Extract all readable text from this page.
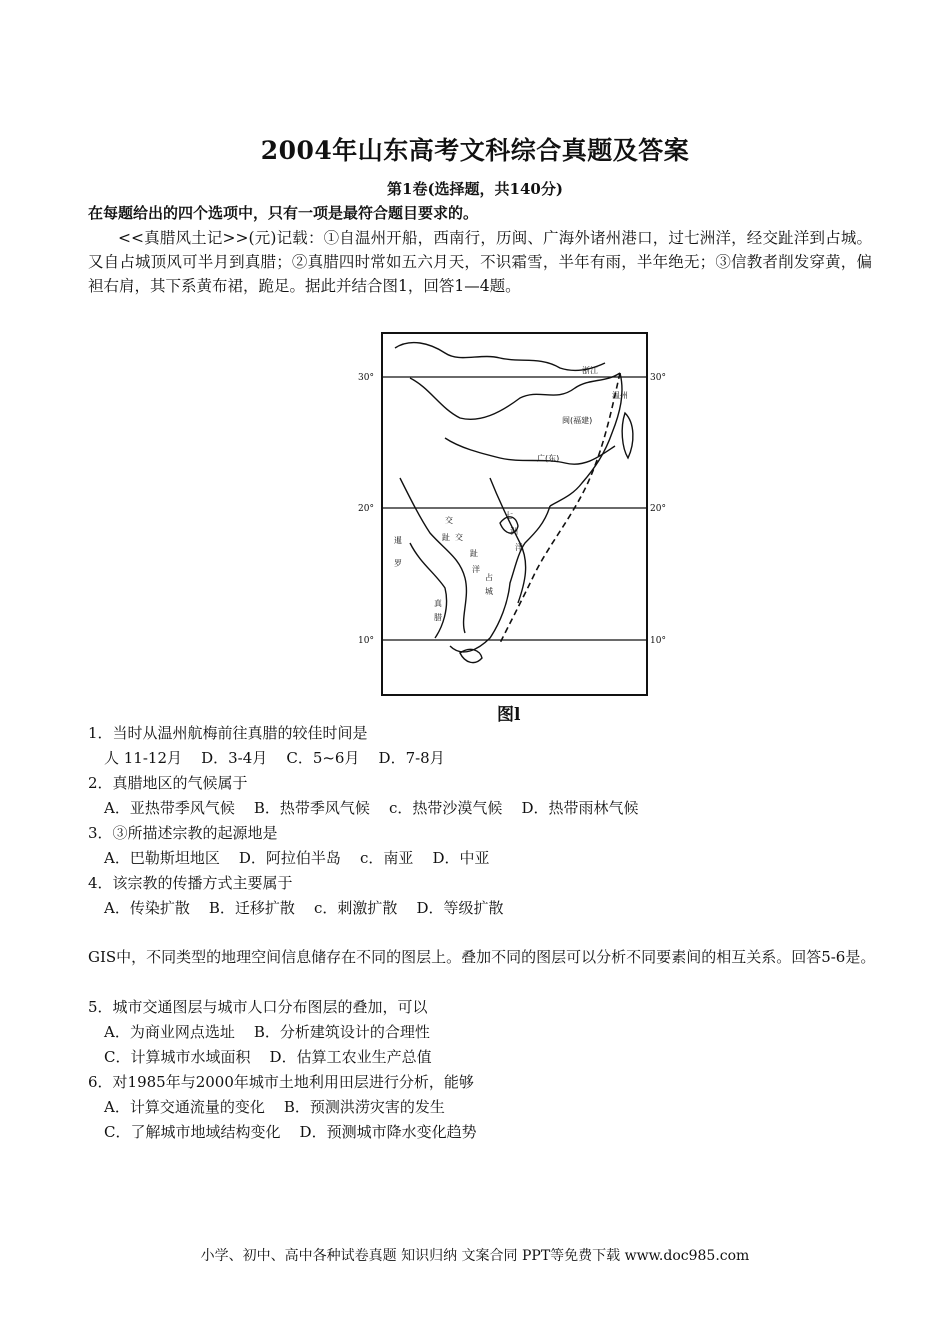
2004年山东高考文科综合真题及答案
第1卷(选择题，共140分)
在每题给出的四个选项中，只有一项是最符合题目要求的。
<<真腊风土记>>(元)记载：①自温州开船，西南行，历闽、广海外诸州港口，过七洲洋，经交趾洋到占城。又自占城顶风可半月到真腊；②真腊四时常如五六月天，不识霜雪，半年有雨，半年绝无；③信教者削发穿黄，偏袒右肩，其下系黄布裙，跪足。据此并结合图1，回答1—4题。
30°	30°
20°	20°
10°	10°
浙江
温州
闽(福建)
广(东)
交
趾 交
趾
洋
七
洲
洋
暹
罗
占
城
真
腊
图l
1．当时从温州航梅前往真腊的较佳时间是
人 11-12月    D．3-4月    C．5~6月    D．7-8月
2．真腊地区的气候属于
A．亚热带季风气候    B．热带季风气候    c．热带沙漠气候    D．热带雨林气候
3．③所描述宗教的起源地是
A．巴勒斯坦地区    D．阿拉伯半岛    c．南亚    D．中亚
4．该宗教的传播方式主要属于
A．传染扩散    B．迁移扩散    c．刺激扩散    D．等级扩散
GIS中，不同类型的地理空间信息储存在不同的图层上。叠加不同的图层可以分析不同要素间的相互关系。回答5-6是。
5．城市交通图层与城市人口分布图层的叠加，可以
A．为商业网点选址    B．分析建筑设计的合理性
C．计算城市水域面积    D．估算工农业生产总值
6．对1985年与2000年城市土地利用田层进行分析，能够
A．计算交通流量的变化    B．预测洪涝灾害的发生
C．了解城市地域结构变化    D．预测城市降水变化趋势
小学、初中、高中各种试卷真题 知识归纳 文案合同 PPT等免费下载 www.doc985.com
